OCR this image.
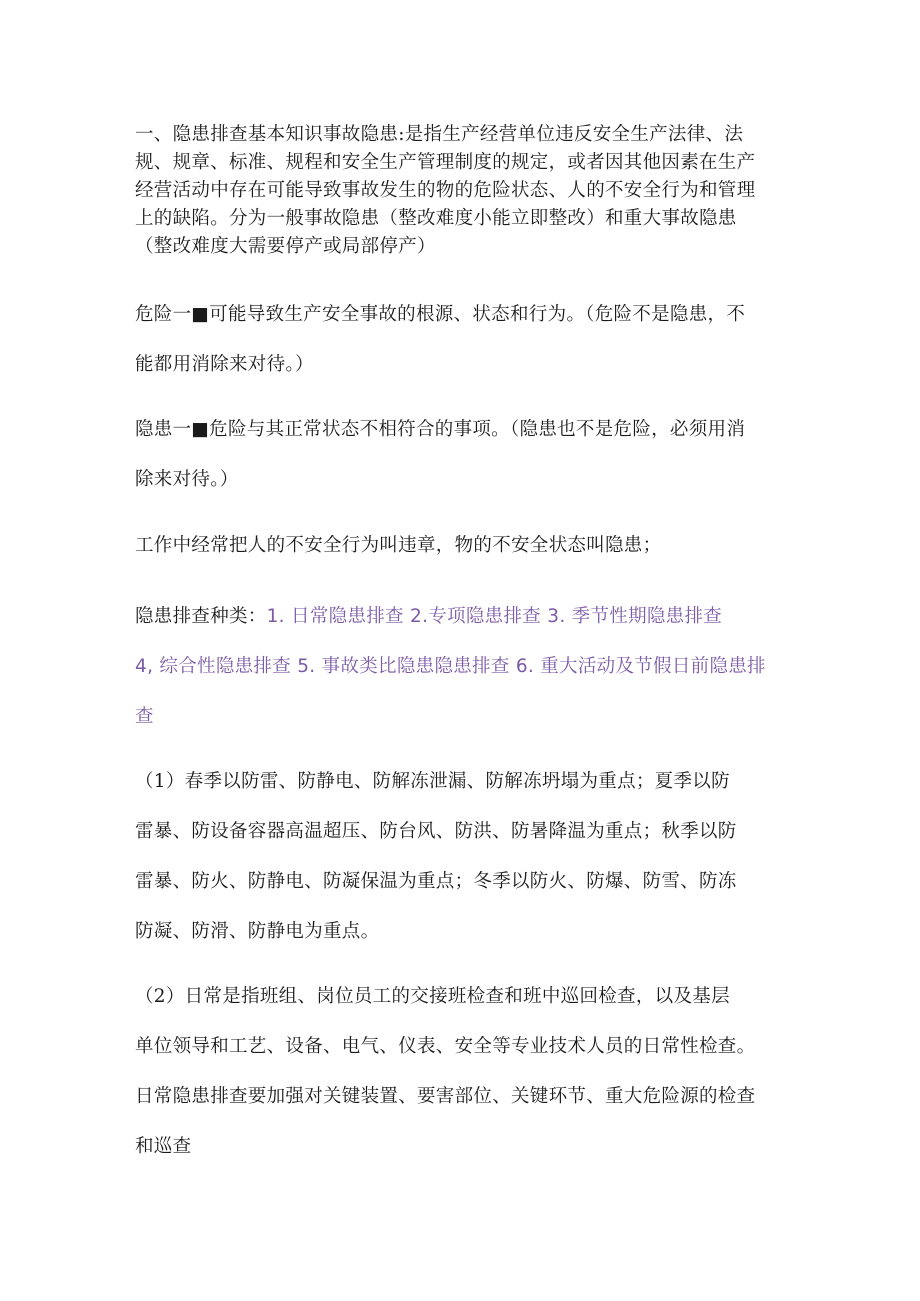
一、隐患排查基本知识事故隐患:是指生产经营单位违反安全生产法律、法
规、规章、标准、规程和安全生产管理制度的规定，或者因其他因素在生产
经营活动中存在可能导致事故发生的物的危险状态、人的不安全行为和管理
上的缺陷。分为一般事故隐患（整改难度小能立即整改）和重大事故隐患
（整改难度大需要停产或局部停产）
危险一■可能导致生产安全事故的根源、状态和行为。（危险不是隐患，不
能都用消除来对待。）
隐患一■危险与其正常状态不相符合的事项。（隐患也不是危险，必须用消
除来对待。）
工作中经常把人的不安全行为叫违章，物的不安全状态叫隐患；
隐患排查种类：1. 日常隐患排查 2.专项隐患排查 3. 季节性期隐患排查
4, 综合性隐患排查 5. 事故类比隐患隐患排查 6. 重大活动及节假日前隐患排
查
（1）春季以防雷、防静电、防解冻泄漏、防解冻坍塌为重点；夏季以防
雷暴、防设备容器高温超压、防台风、防洪、防暑降温为重点；秋季以防
雷暴、防火、防静电、防凝保温为重点；冬季以防火、防爆、防雪、防冻
防凝、防滑、防静电为重点。
（2）日常是指班组、岗位员工的交接班检查和班中巡回检查，以及基层
单位领导和工艺、设备、电气、仪表、安全等专业技术人员的日常性检查。
日常隐患排查要加强对关键装置、要害部位、关键环节、重大危险源的检查
和巡查
